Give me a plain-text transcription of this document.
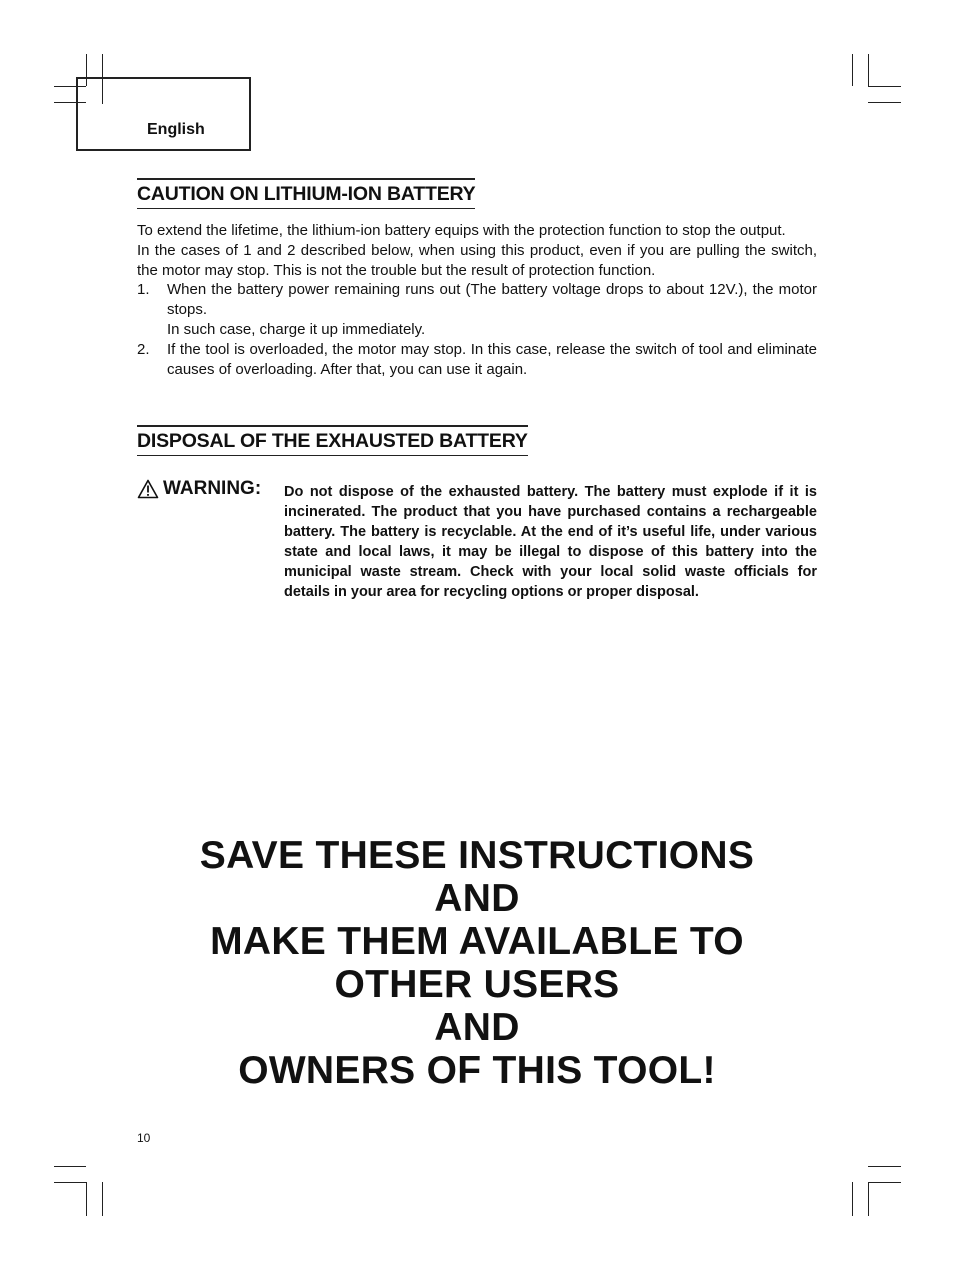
English
CAUTION ON LITHIUM-ION BATTERY

To extend the lifetime, the lithium-ion battery equips with the protection function to stop the output.

In the cases of 1 and 2 described below, when using this product, even if you are pulling the switch, the motor may stop. This is not the trouble but the result of protection function.

1. When the battery power remaining runs out (The battery voltage drops to about 12V.), the motor stops.
In such case, charge it up immediately.
2. If the tool is overloaded, the motor may stop. In this case, release the switch of tool and eliminate causes of overloading. After that, you can use it again.
DISPOSAL OF THE EXHAUSTED BATTERY
WARNING: Do not dispose of the exhausted battery. The battery must explode if it is incinerated. The product that you have purchased contains a rechargeable battery. The battery is recyclable. At the end of it’s useful life, under various state and local laws, it may be illegal to dispose of this battery into the municipal waste stream. Check with your local solid waste officials for details in your area for recycling options or proper disposal.

SAVE THESE INSTRUCTIONS
AND
MAKE THEM AVAILABLE TO
OTHER USERS
AND
OWNERS OF THIS TOOL!
10
